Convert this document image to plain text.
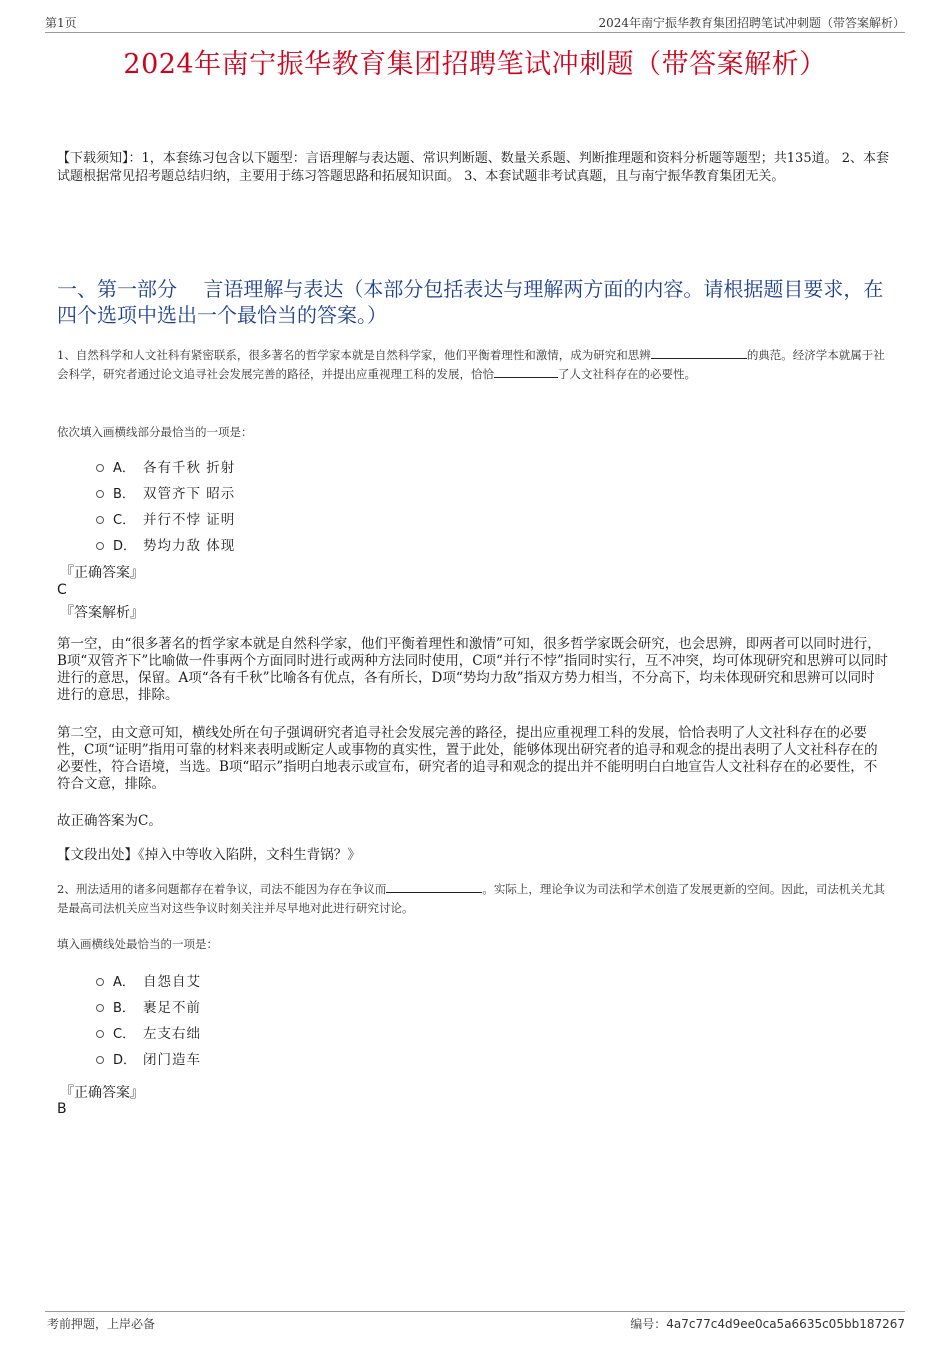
第1页	2024年南宁振华教育集团招聘笔试冲刺题（带答案解析）
2024年南宁振华教育集团招聘笔试冲刺题（带答案解析）
【下载须知】：1，本套练习包含以下题型：言语理解与表达题、常识判断题、数量关系题、判断推理题和资料分析题等题型；共135道。 2、本套试题根据常见招考题总结归纳，主要用于练习答题思路和拓展知识面。 3、本套试题非考试真题，且与南宁振华教育集团无关。
一、第一部分　 言语理解与表达（本部分包括表达与理解两方面的内容。请根据题目要求，在四个选项中选出一个最恰当的答案。）
1、自然科学和人文社科有紧密联系，很多著名的哲学家本就是自然科学家，他们平衡着理性和激情，成为研究和思辨	的典范。经济学本就属于社会科学，研究者通过论文追寻社会发展完善的路径，并提出应重视理工科的发展，恰恰	了人文社科存在的必要性。
依次填入画横线部分最恰当的一项是：
A． 各有千秋 折射
B． 双管齐下 昭示
C． 并行不悖 证明
D． 势均力敌 体现
『正确答案』
C
『答案解析』
第一空，由“很多著名的哲学家本就是自然科学家，他们平衡着理性和激情”可知，很多哲学家既会研究，也会思辨，即两者可以同时进行，B项“双管齐下”比喻做一件事两个方面同时进行或两种方法同时使用，C项“并行不悖”指同时实行，互不冲突，均可体现研究和思辨可以同时进行的意思，保留。A项“各有千秋”比喻各有优点，各有所长，D项“势均力敌”指双方势力相当，不分高下，均未体现研究和思辨可以同时进行的意思，排除。
第二空，由文意可知，横线处所在句子强调研究者追寻社会发展完善的路径，提出应重视理工科的发展，恰恰表明了人文社科存在的必要性，C项“证明”指用可靠的材料来表明或断定人或事物的真实性，置于此处，能够体现出研究者的追寻和观念的提出表明了人文社科存在的必要性，符合语境，当选。B项“昭示”指明白地表示或宣布，研究者的追寻和观念的提出并不能明明白白地宣告人文社科存在的必要性，不符合文意，排除。
故正确答案为C。
【文段出处】《掉入中等收入陷阱，文科生背锅？》
2、刑法适用的诸多问题都存在着争议，司法不能因为存在争议而	。实际上，理论争议为司法和学术创造了发展更新的空间。因此，司法机关尤其是最高司法机关应当对这些争议时刻关注并尽早地对此进行研究讨论。
填入画横线处最恰当的一项是：
A． 自怨自艾
B． 裹足不前
C． 左支右绌
D． 闭门造车
『正确答案』
B
考前押题，上岸必备	编号：4a7c77c4d9ee0ca5a6635c05bb187267
